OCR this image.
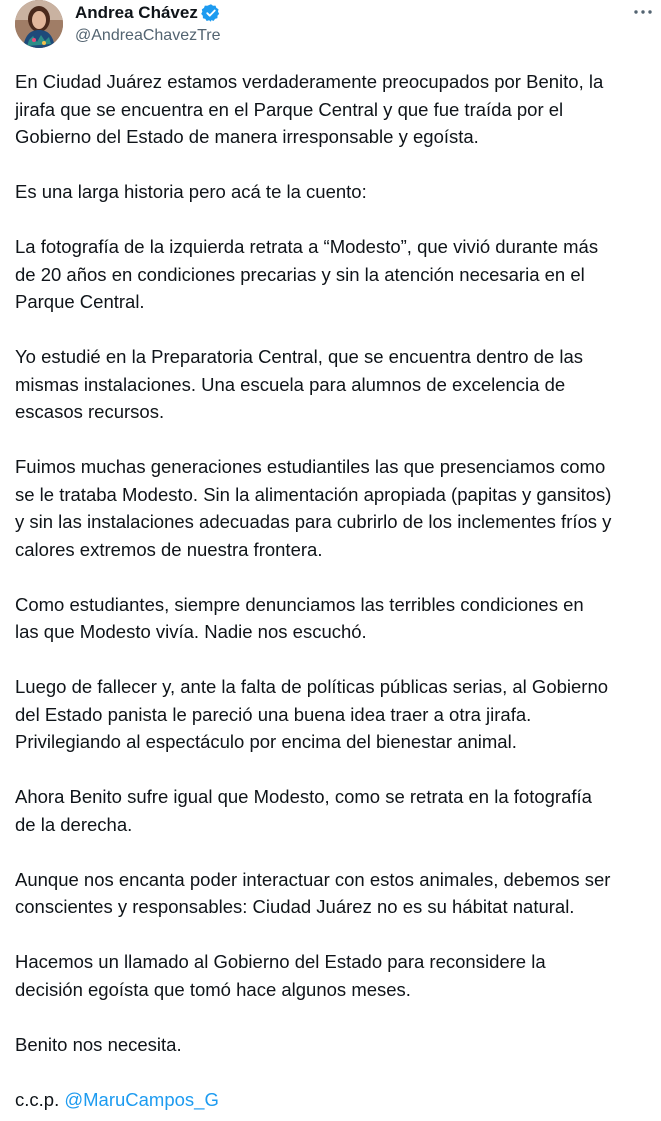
Andrea Chávez
@AndreaChavezTre
En Ciudad Juárez estamos verdaderamente preocupados por Benito, la
jirafa que se encuentra en el Parque Central y que fue traída por el
Gobierno del Estado de manera irresponsable y egoísta.
Es una larga historia pero acá te la cuento:
La fotografía de la izquierda retrata a “Modesto”, que vivió durante más
de 20 años en condiciones precarias y sin la atención necesaria en el
Parque Central.
Yo estudié en la Preparatoria Central, que se encuentra dentro de las
mismas instalaciones. Una escuela para alumnos de excelencia de
escasos recursos.
Fuimos muchas generaciones estudiantiles las que presenciamos como
se le trataba Modesto. Sin la alimentación apropiada (papitas y gansitos)
y sin las instalaciones adecuadas para cubrirlo de los inclementes fríos y
calores extremos de nuestra frontera.
Como estudiantes, siempre denunciamos las terribles condiciones en
las que Modesto vivía. Nadie nos escuchó.
Luego de fallecer y, ante la falta de políticas públicas serias, al Gobierno
del Estado panista le pareció una buena idea traer a otra jirafa.
Privilegiando al espectáculo por encima del bienestar animal.
Ahora Benito sufre igual que Modesto, como se retrata en la fotografía
de la derecha.
Aunque nos encanta poder interactuar con estos animales, debemos ser
conscientes y responsables: Ciudad Juárez no es su hábitat natural.
Hacemos un llamado al Gobierno del Estado para reconsidere la
decisión egoísta que tomó hace algunos meses.
Benito nos necesita.
c.c.p. @MaruCampos_G
